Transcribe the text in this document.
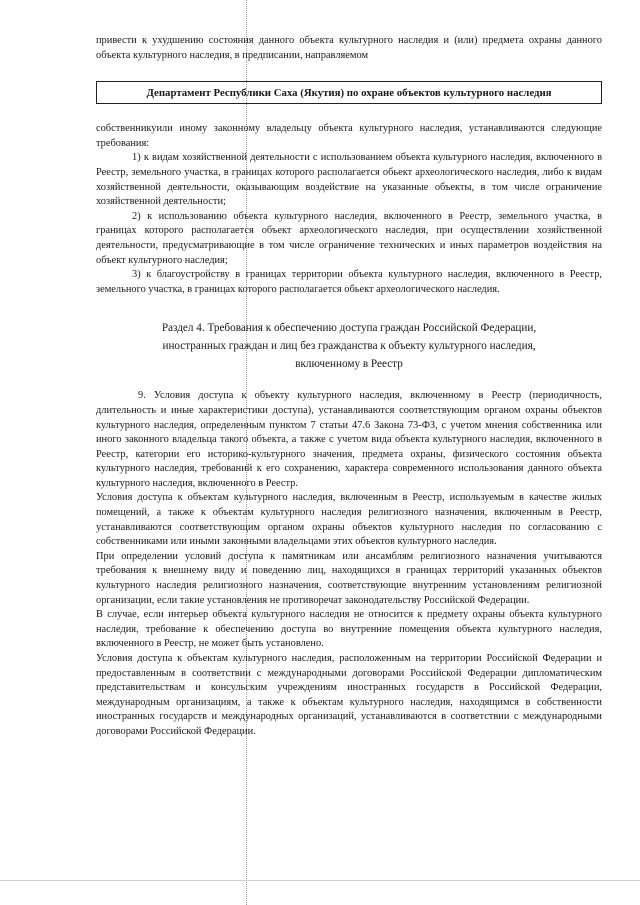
привести к ухудшению состояния данного объекта культурного наследия и (или) предмета охраны данного объекта культурного наследия, в предписании, направляемом

Департамент Республики Саха (Якутия) по охране объектов культурного наследия

собственникуили иному законному владельцу объекта культурного наследия, устанавливаются следующие требования:

1) к видам хозяйственной деятельности с использованием объекта культурного наследия, включенного в Реестр, земельного участка, в границах которого располагается обьект археологического наследия, либо к видам хозяйственной деятельности, оказывающим воздействие на указанные объекты, в том числе ограничение хозяйственной деятельности;

2) к использованию объекта культурного наследия, включенного в Реестр, земельного участка, в границах которого располагается объект археологического наследия, при осуществлении хозяйственной деятельности, предусматривающие в том числе ограничение технических и иных параметров воздействия на объект культурного наследия;

3) к благоустройству в границах территории объекта культурного наследия, включенного в Реестр, земельного участка, в границах которого располагается обьект археологического наследия.

Раздел 4. Требования к обеспечению доступа граждан Российской Федерации,
иностранных граждан и лиц без гражданства к объекту культурного наследия,
включенному в Реестр

9. Условия доступа к объекту культурного наследия, включенному в Реестр (периодичность, длительность и иные характеристики доступа), устанавливаются соответствующим органом охраны объектов культурного наследия, определенным пунктом 7 статьи 47.6 Закона 73-ФЗ, с учетом мнения собственника или иного законного владельца такого объекта, а также с учетом вида объекта культурного наследия, включенного в Реестр, категории его историко-культурного значения, предмета охраны, физического состояния объекта культурного наследия, требований к его сохранению, характера современного использования данного объекта культурного наследия, включенного в Реестр.

Условия доступа к объектам культурного наследия, включенным в Реестр, используемым в качестве жилых помещений, а также к объектам культурного наследия религиозного назначения, включенным в Реестр, устанавливаются соответствующим органом охраны объектов культурного наследия по согласованию с собственниками или иными законными владельцами этих объектов культурного наследия.

При определении условий доступа к памятникам или ансамблям религиозного назначения учитываются требования к внешнему виду и поведению лиц, находящихся в границах территорий указанных объектов культурного наследия религиозного назначения, соответствующие внутренним установлениям религиозной организации, если такие установления не противоречат законодательству Российской Федерации.

В случае, если интерьер объекта культурного наследия не относится к предмету охраны объекта культурного наследия, требование к обеспечению доступа во внутренние помещения объекта культурного наследия, включенного в Реестр, не может быть установлено.

Условия доступа к объектам культурного наследия, расположенным на территории Российской Федерации и предоставленным в соответствии с международными договорами Российской Федерации дипломатическим представительствам и консульским учреждениям иностранных государств в Российской Федерации, международным организациям, а также к объектам культурного наследия, находящимся в собственности иностранных государств и международных организаций, устанавливаются в соответствии с международными договорами Российской Федерации.
